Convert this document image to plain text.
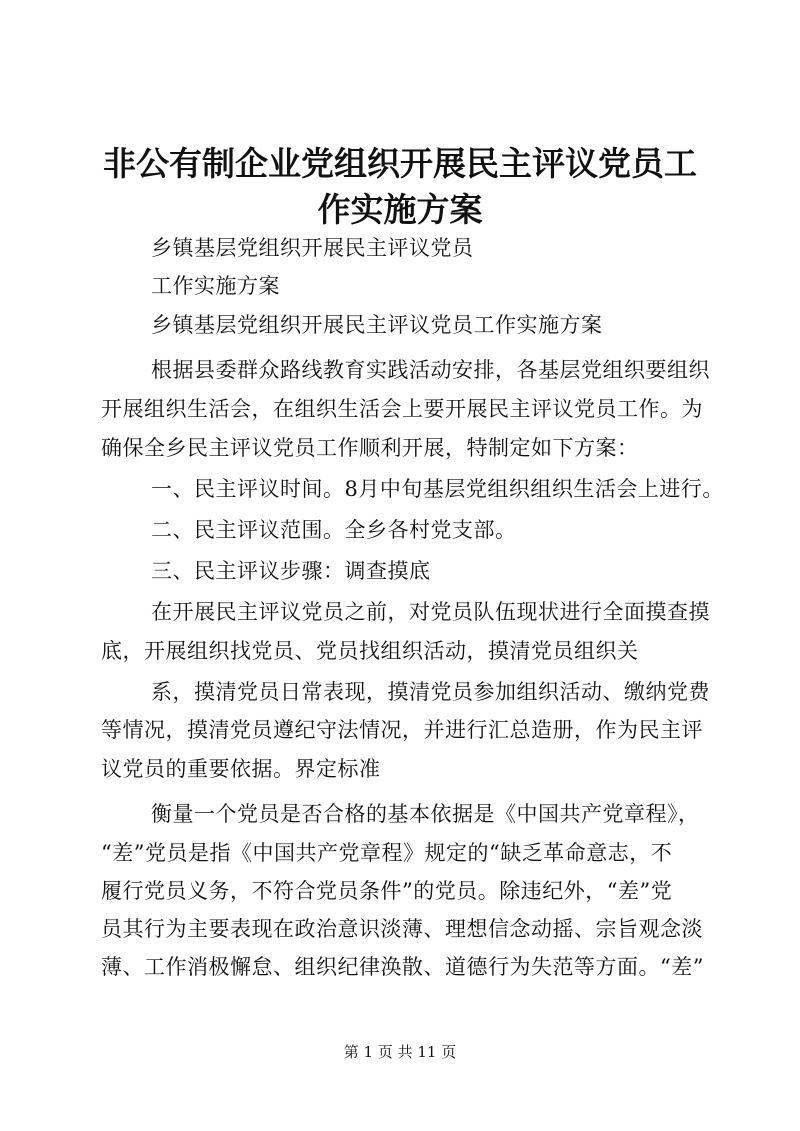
非公有制企业党组织开展民主评议党员工作实施方案

乡镇基层党组织开展民主评议党员

工作实施方案

乡镇基层党组织开展民主评议党员工作实施方案

根据县委群众路线教育实践活动安排，各基层党组织要组织

开展组织生活会，在组织生活会上要开展民主评议党员工作。为

确保全乡民主评议党员工作顺利开展，特制定如下方案：

一、民主评议时间。8月中旬基层党组织组织生活会上进行。

二、民主评议范围。全乡各村党支部。

三、民主评议步骤：调查摸底

在开展民主评议党员之前，对党员队伍现状进行全面摸查摸

底，开展组织找党员、党员找组织活动，摸清党员组织关

系，摸清党员日常表现，摸清党员参加组织活动、缴纳党费

等情况，摸清党员遵纪守法情况，并进行汇总造册，作为民主评

议党员的重要依据。界定标准

衡量一个党员是否合格的基本依据是《中国共产党章程》，

“差”党员是指《中国共产党章程》规定的“缺乏革命意志，不

履行党员义务，不符合党员条件”的党员。除违纪外，“差”党

员其行为主要表现在政治意识淡薄、理想信念动摇、宗旨观念淡

薄、工作消极懈怠、组织纪律涣散、道德行为失范等方面。“差”

第 1 页 共 11 页
